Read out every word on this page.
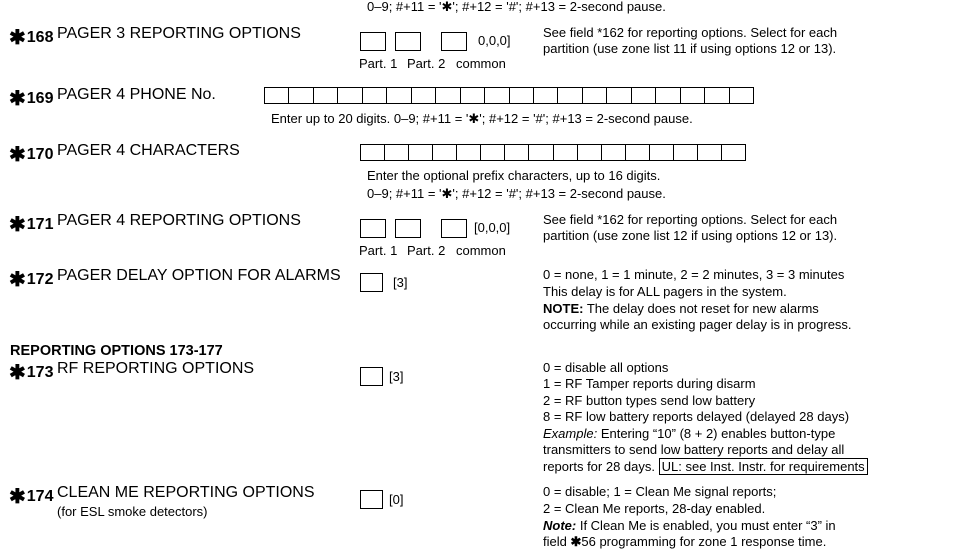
0–9; #+11 = '✱'; #+12 = '#'; #+13 = 2-second pause.
✱168 PAGER 3 REPORTING OPTIONS	0,0,0]
Part. 1 Part. 2 common
See field *162 for reporting options. Select for each
partition (use zone list 11 if using options 12 or 13).
✱169 PAGER 4 PHONE No.
Enter up to 20 digits. 0–9; #+11 = '✱'; #+12 = '#'; #+13 = 2-second pause.
✱170 PAGER 4 CHARACTERS
Enter the optional prefix characters, up to 16 digits.
0–9; #+11 = '✱'; #+12 = '#'; #+13 = 2-second pause.
✱171 PAGER 4 REPORTING OPTIONS	[0,0,0]
Part. 1 Part. 2 common
See field *162 for reporting options. Select for each
partition (use zone list 12 if using options 12 or 13).
✱172 PAGER DELAY OPTION FOR ALARMS	[3]
0 = none, 1 = 1 minute, 2 = 2 minutes, 3 = 3 minutes
This delay is for ALL pagers in the system.
NOTE: The delay does not reset for new alarms
occurring while an existing pager delay is in progress.
REPORTING OPTIONS 173-177
✱173 RF REPORTING OPTIONS	[3]
0 = disable all options
1 = RF Tamper reports during disarm
2 = RF button types send low battery
8 = RF low battery reports delayed (delayed 28 days)
Example: Entering “10” (8 + 2) enables button-type
transmitters to send low battery reports and delay all
reports for 28 days. UL: see Inst. Instr. for requirements
✱174 CLEAN ME REPORTING OPTIONS
(for ESL smoke detectors)
[0]
0 = disable; 1 = Clean Me signal reports;
2 = Clean Me reports, 28-day enabled.
Note: If Clean Me is enabled, you must enter “3” in
field ✱56 programming for zone 1 response time.
